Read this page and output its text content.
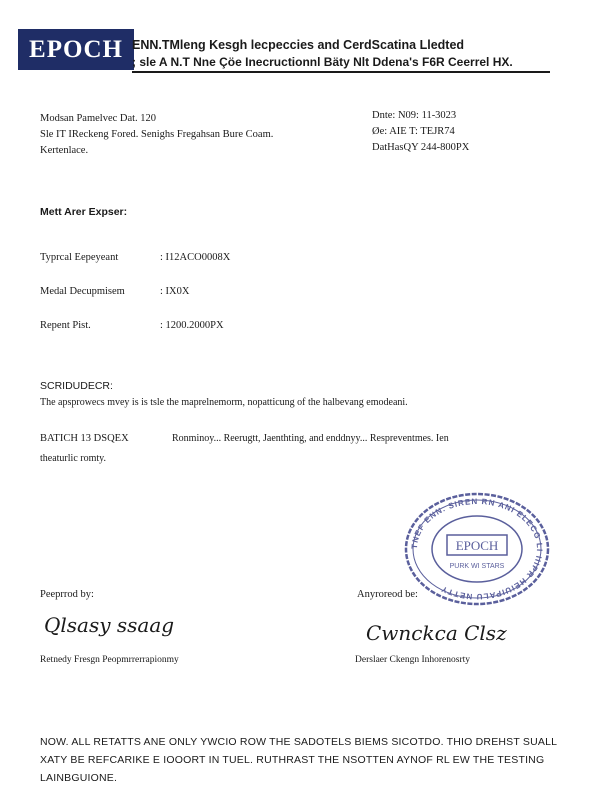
EPOCH ENN.TMleng Kesgh lecpeccies and CerdScatina Lledted
; sle A N.T Nne Çöe Inecructionnl Bäty Nlt Ddena's F6R Ceerrel HX.
Modsan Pamelvec Dat. 120
Sle IT IReckeng Fored. Senighs Fregahsan Bure Coam.
Kertenlace.
Dnte: N09: 11-3023
Øe: AIE T: TEJR74
DatHasQY 244-800PX
Mett Arer Expser:
Typrcal Eepeyeant	: I12ACO0008X
Medal Decupmisem	: IX0X
Repent Pist.	: 1200.2000PX
SCRIDUDECR:
The apsprowecs mvey is is tsle the maprelnemorm, nopatticung of the halbevang emodeani.
BATICH 13 DSQEX	Ronminoy... Reerugtt, Jaenthting, and enddnyy... Respreventmes. Ien
theaturlic romty.
TNEF ENN. SIREN RN ANI ELECG LI IIIPR HEIUIPALU NETTY
EPOCH
PURK WI STARS
Peeprrod by:
Qlsasy ssaag
Retnedy Fresgn Peopmrrerrapionmy
Anyroreod be:
Cwnckca Clsz
Derslaer Ckengn Inhorenosrty
NOW. ALL RETATTS ANE ONLY YWCIO ROW THE SADOTELS BIEMS SICOTDO. THIO DREHST SUALL XATY BE REFCARIKE E IOOORT IN TUEL. RUTHRAST THE NSOTTEN AYNOF RL EW THE TESTING LAINBGUIONE.
